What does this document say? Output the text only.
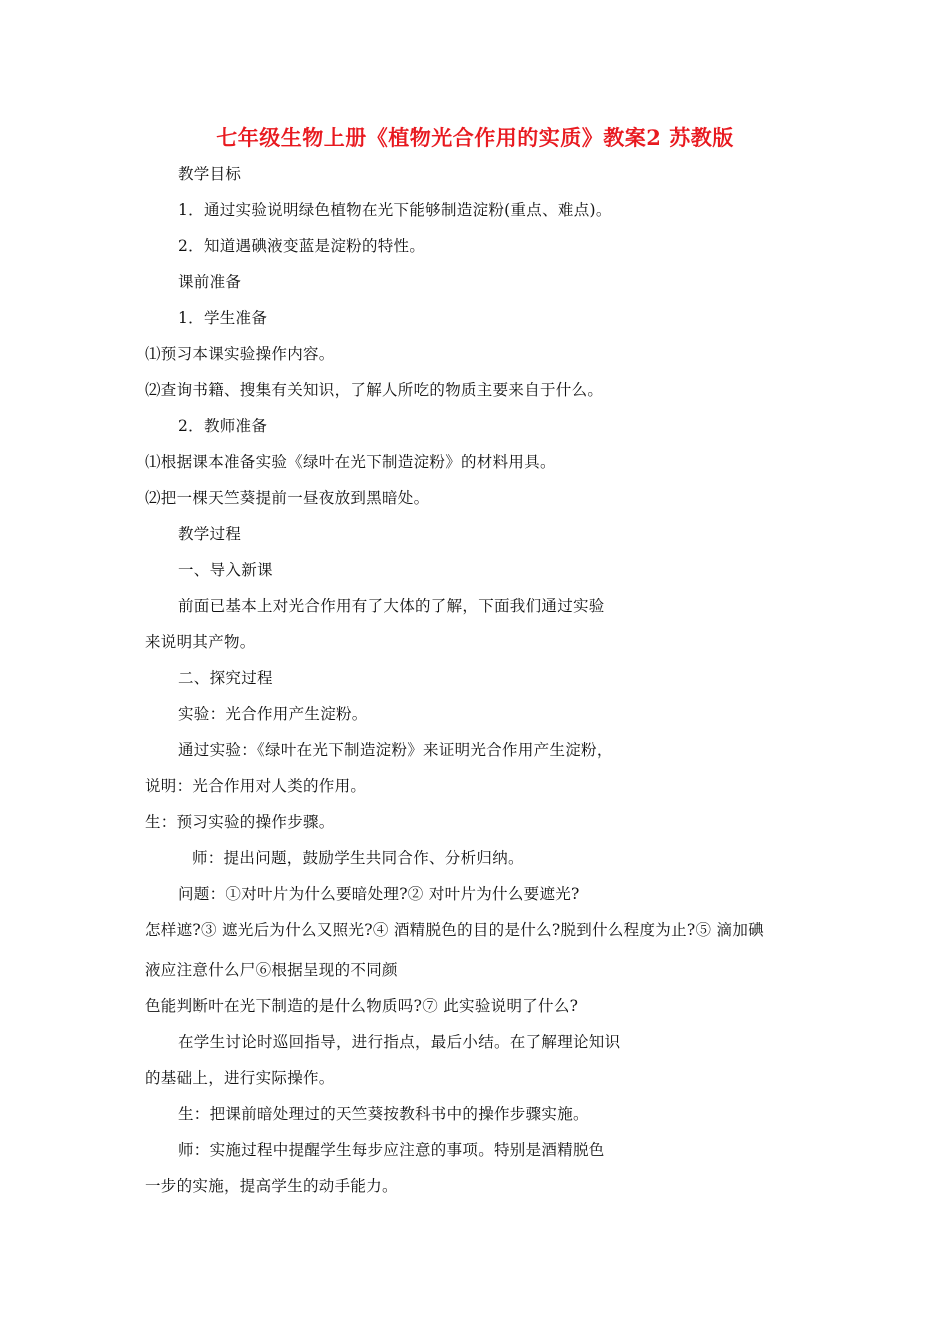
七年级生物上册《植物光合作用的实质》教案2 苏教版
教学目标
1．通过实验说明绿色植物在光下能够制造淀粉(重点、难点)。
2．知道遇碘液变蓝是淀粉的特性。
课前准备
1．学生准备
⑴预习本课实验操作内容。
⑵查询书籍、搜集有关知识，了解人所吃的物质主要来自于什么。
2．教师准备
⑴根据课本准备实验《绿叶在光下制造淀粉》的材料用具。
⑵把一棵天竺葵提前一昼夜放到黑暗处。
教学过程
一、导入新课
前面已基本上对光合作用有了大体的了解，下面我们通过实验
来说明其产物。
二、探究过程
实验：光合作用产生淀粉。
通过实验：《绿叶在光下制造淀粉》来证明光合作用产生淀粉，
说明：光合作用对人类的作用。
生：预习实验的操作步骤。
师：提出问题，鼓励学生共同合作、分析归纳。
问题：①对叶片为什么要暗处理?② 对叶片为什么要遮光?
怎样遮?③ 遮光后为什么又照光?④ 酒精脱色的目的是什么?脱到什么程度为止?⑤ 滴加碘
液应注意什么尸⑥根据呈现的不同颜
色能判断叶在光下制造的是什么物质吗?⑦ 此实验说明了什么?
在学生讨论时巡回指导，进行指点，最后小结。在了解理论知识
的基础上，进行实际操作。
生：把课前暗处理过的天竺葵按教科书中的操作步骤实施。
师：实施过程中提醒学生每步应注意的事项。特别是酒精脱色
一步的实施，提高学生的动手能力。
